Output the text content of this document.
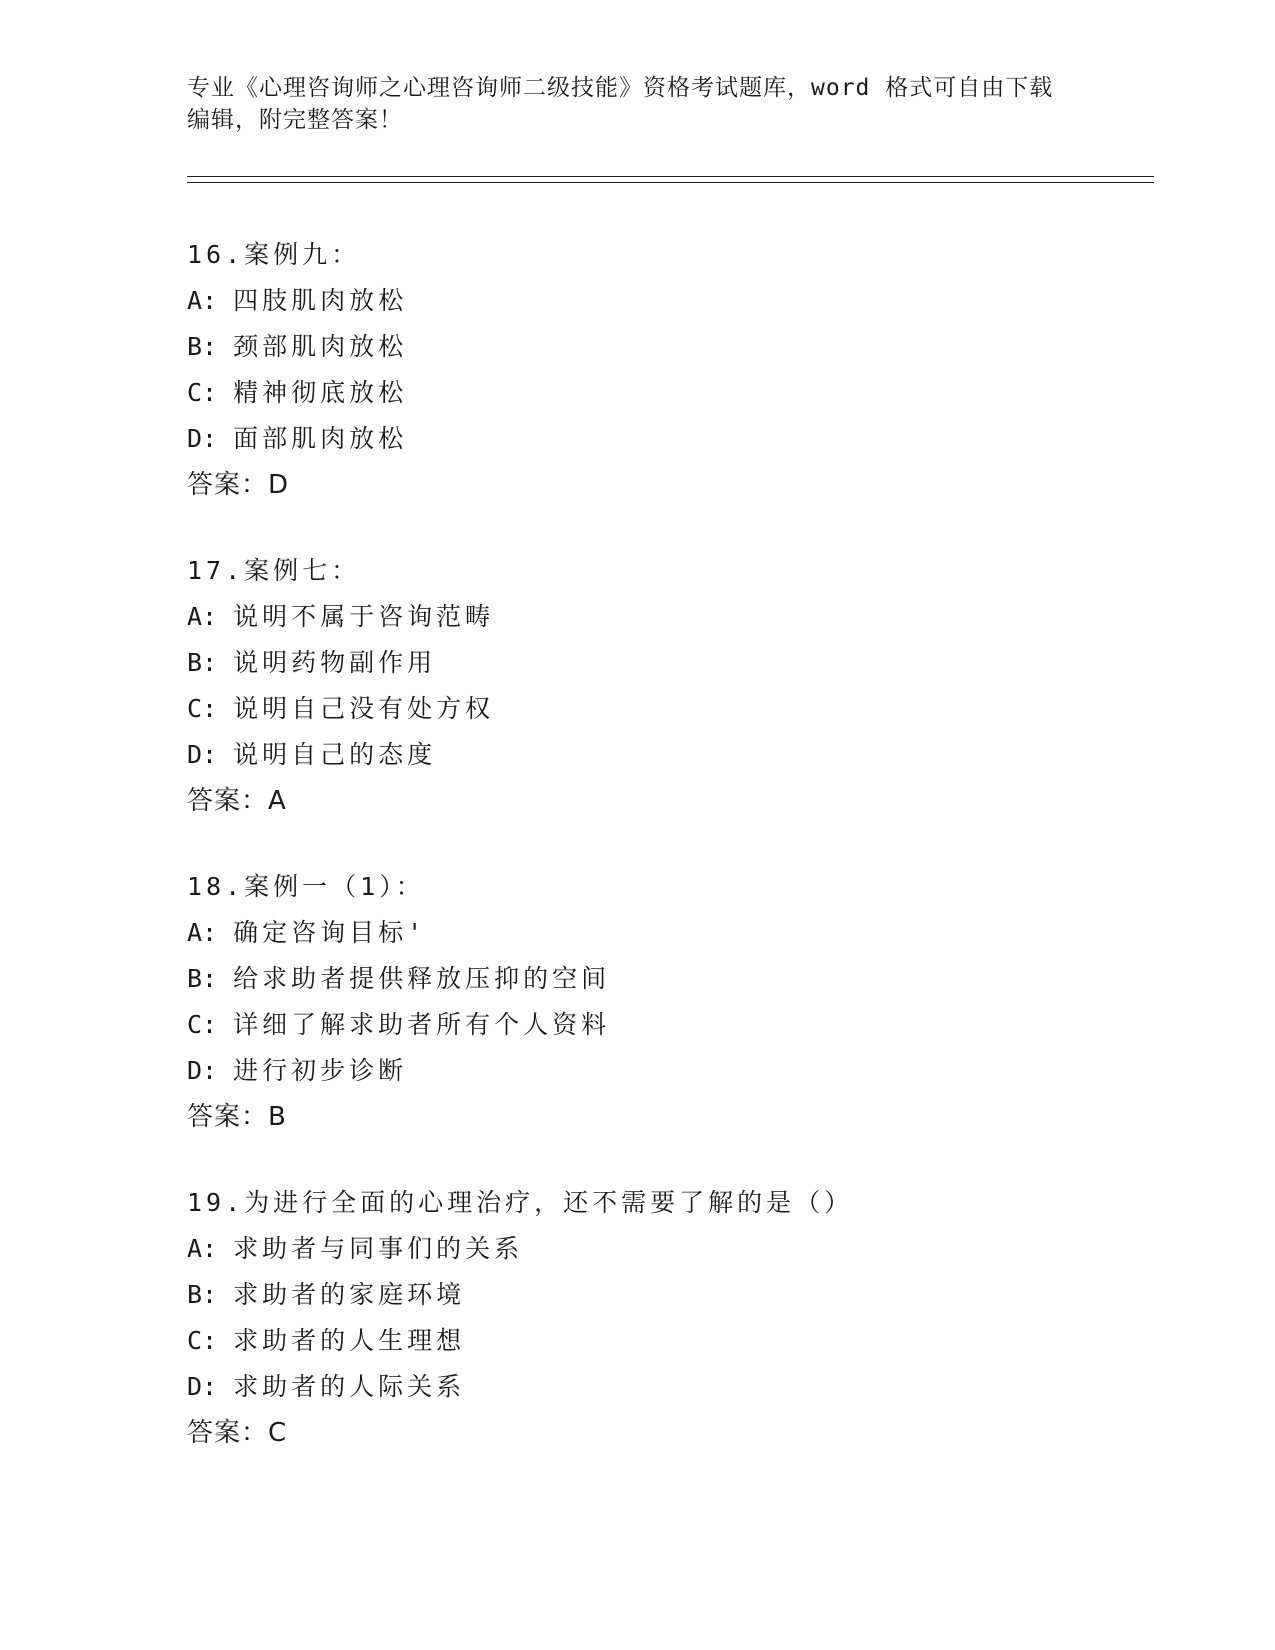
专业《心理咨询师之心理咨询师二级技能》资格考试题库，word 格式可自由下载
编辑，附完整答案！
16.案例九：
A: 四肢肌肉放松
B: 颈部肌肉放松
C: 精神彻底放松
D: 面部肌肉放松
答案：D
17.案例七：
A: 说明不属于咨询范畴
B: 说明药物副作用
C: 说明自己没有处方权
D: 说明自己的态度
答案：A
18.案例一（1）：
A: 确定咨询目标'
B: 给求助者提供释放压抑的空间
C: 详细了解求助者所有个人资料
D: 进行初步诊断
答案：B
19.为进行全面的心理治疗，还不需要了解的是（）
A: 求助者与同事们的关系
B: 求助者的家庭环境
C: 求助者的人生理想
D: 求助者的人际关系
答案：C
